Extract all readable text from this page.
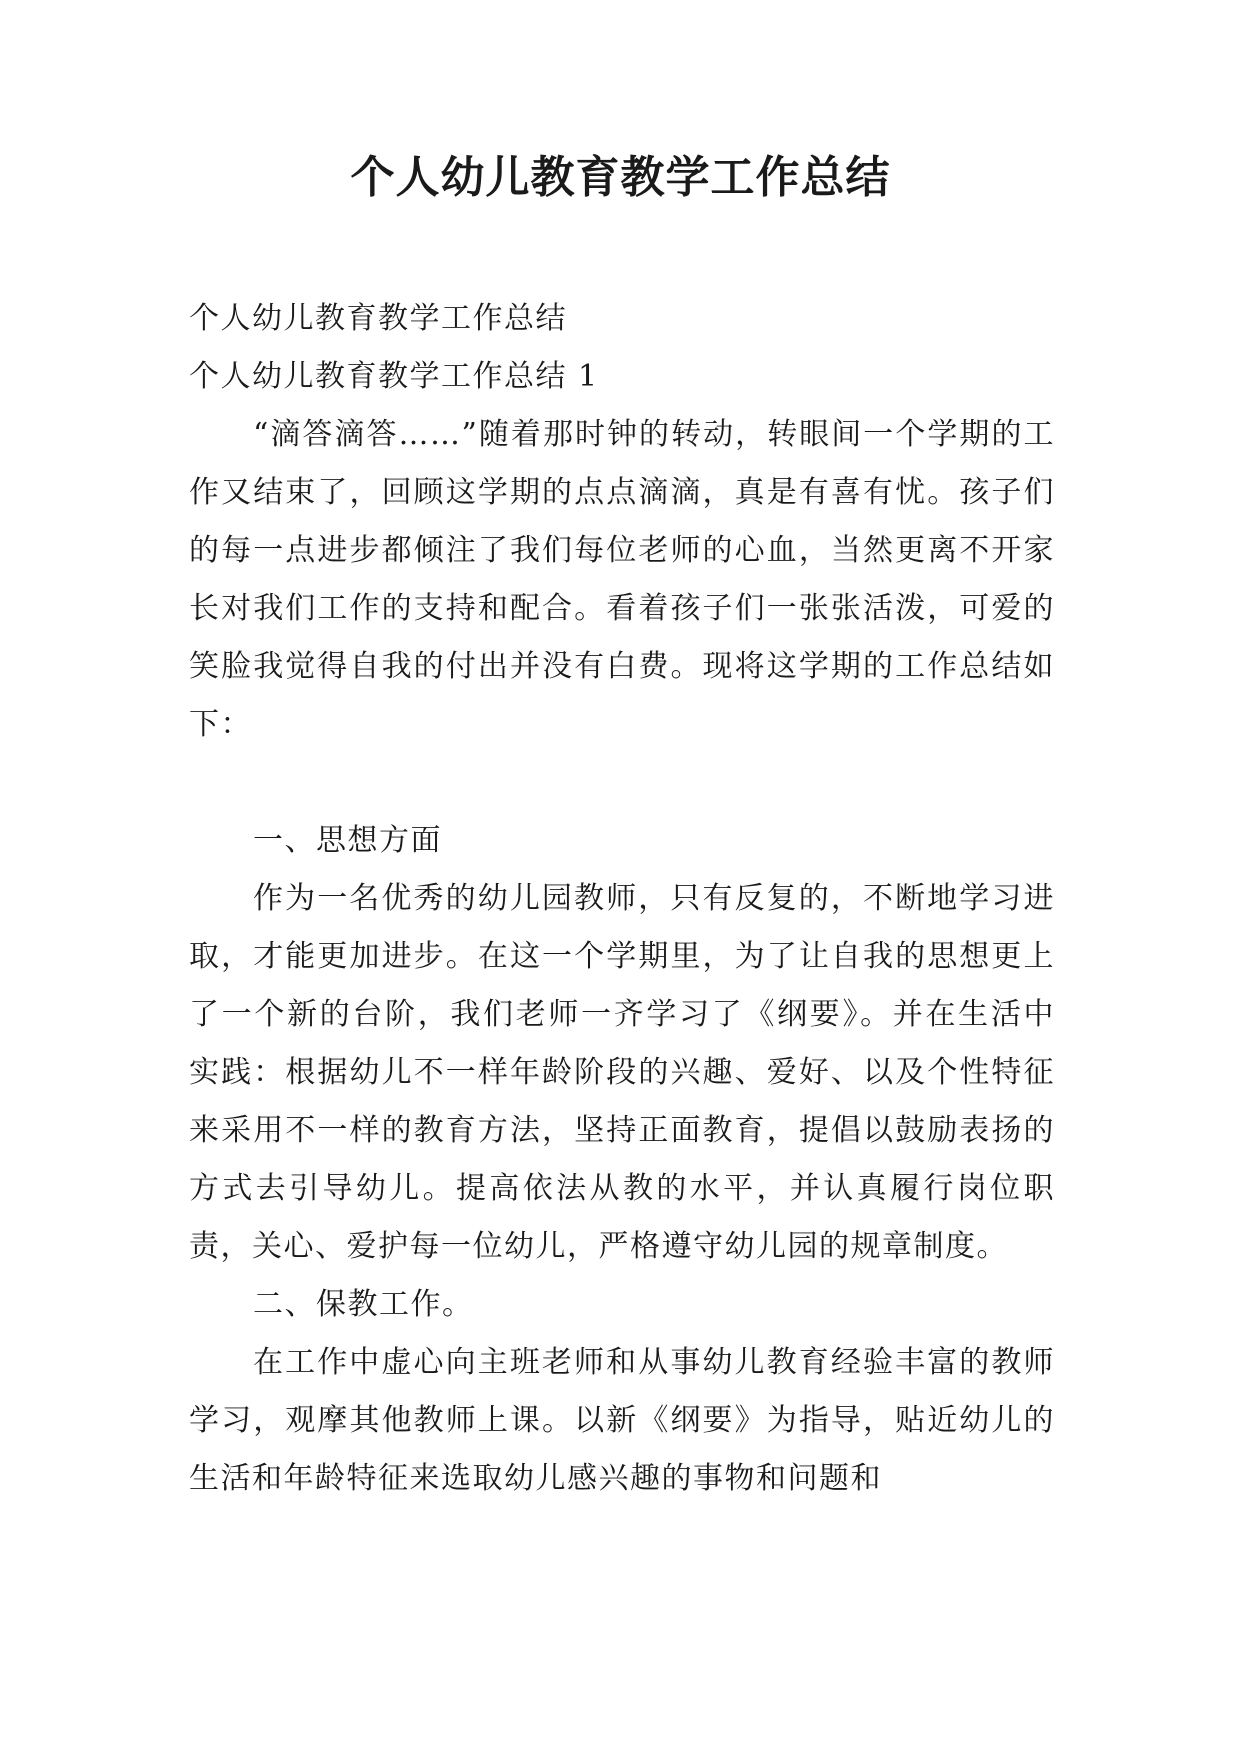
个人幼儿教育教学工作总结

个人幼儿教育教学工作总结

个人幼儿教育教学工作总结 1

“滴答滴答……”随着那时钟的转动，转眼间一个学期的工作又结束了，回顾这学期的点点滴滴，真是有喜有忧。孩子们的每一点进步都倾注了我们每位老师的心血，当然更离不开家长对我们工作的支持和配合。看着孩子们一张张活泼，可爱的笑脸我觉得自我的付出并没有白费。现将这学期的工作总结如下：

一、思想方面

作为一名优秀的幼儿园教师，只有反复的，不断地学习进取，才能更加进步。在这一个学期里，为了让自我的思想更上了一个新的台阶，我们老师一齐学习了《纲要》。并在生活中实践：根据幼儿不一样年龄阶段的兴趣、爱好、以及个性特征来采用不一样的教育方法，坚持正面教育，提倡以鼓励表扬的方式去引导幼儿。提高依法从教的水平，并认真履行岗位职责，关心、爱护每一位幼儿，严格遵守幼儿园的规章制度。

二、保教工作。

在工作中虚心向主班老师和从事幼儿教育经验丰富的教师学习，观摩其他教师上课。以新《纲要》为指导，贴近幼儿的生活和年龄特征来选取幼儿感兴趣的事物和问题和
